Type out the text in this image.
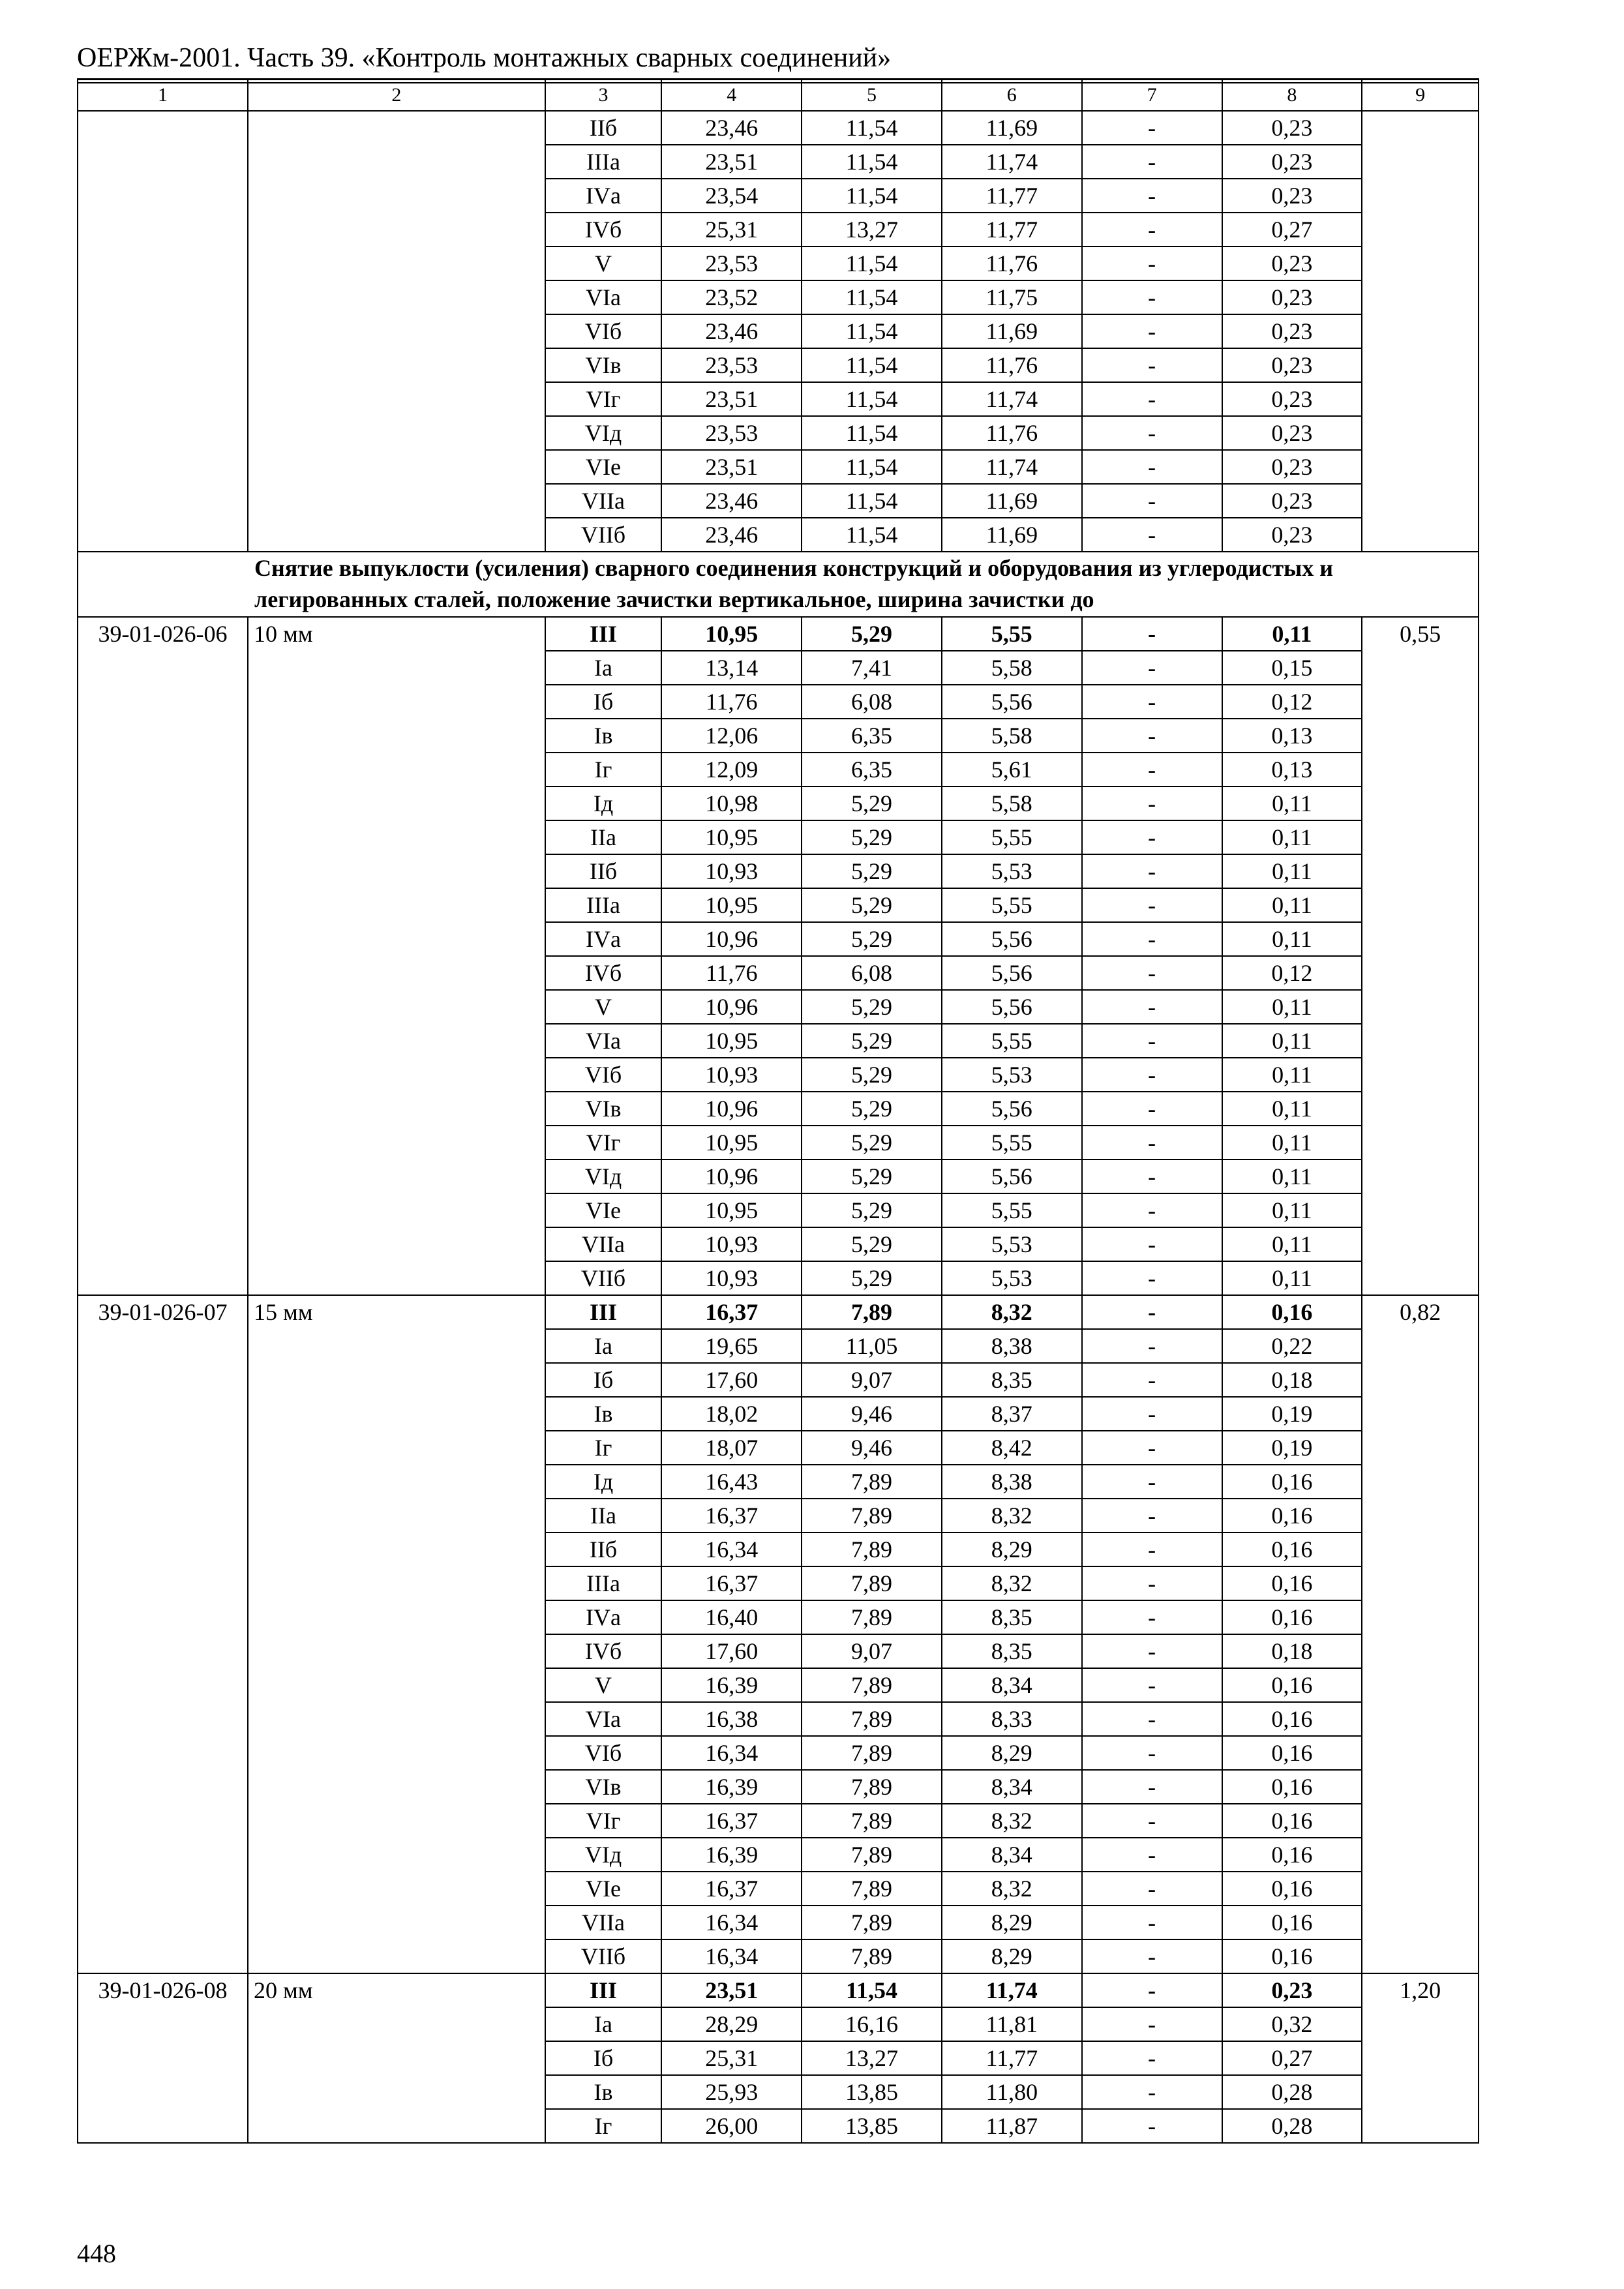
ОЕРЖм-2001. Часть 39. «Контроль монтажных сварных соединений»
1	2	3	4	5	6	7	8	9
		IIб	23,46	11,54	11,69	-	0,23	
		IIIа	23,51	11,54	11,74	-	0,23	
		IVа	23,54	11,54	11,77	-	0,23	
		IVб	25,31	13,27	11,77	-	0,27	
		V	23,53	11,54	11,76	-	0,23	
		VIа	23,52	11,54	11,75	-	0,23	
		VIб	23,46	11,54	11,69	-	0,23	
		VIв	23,53	11,54	11,76	-	0,23	
		VIг	23,51	11,54	11,74	-	0,23	
		VIд	23,53	11,54	11,76	-	0,23	
		VIе	23,51	11,54	11,74	-	0,23	
		VIIа	23,46	11,54	11,69	-	0,23	
		VIIб	23,46	11,54	11,69	-	0,23	
Снятие выпуклости (усиления) сварного соединения конструкций и оборудования из углеродистых и легированных сталей, положение зачистки вертикальное, ширина зачистки до								
39-01-026-06	10 мм	III	10,95	5,29	5,55	-	0,11	0,55
		Iа	13,14	7,41	5,58	-	0,15	
		Iб	11,76	6,08	5,56	-	0,12	
		Iв	12,06	6,35	5,58	-	0,13	
		Iг	12,09	6,35	5,61	-	0,13	
		Iд	10,98	5,29	5,58	-	0,11	
		IIа	10,95	5,29	5,55	-	0,11	
		IIб	10,93	5,29	5,53	-	0,11	
		IIIа	10,95	5,29	5,55	-	0,11	
		IVа	10,96	5,29	5,56	-	0,11	
		IVб	11,76	6,08	5,56	-	0,12	
		V	10,96	5,29	5,56	-	0,11	
		VIа	10,95	5,29	5,55	-	0,11	
		VIб	10,93	5,29	5,53	-	0,11	
		VIв	10,96	5,29	5,56	-	0,11	
		VIг	10,95	5,29	5,55	-	0,11	
		VIд	10,96	5,29	5,56	-	0,11	
		VIе	10,95	5,29	5,55	-	0,11	
		VIIа	10,93	5,29	5,53	-	0,11	
		VIIб	10,93	5,29	5,53	-	0,11	
39-01-026-07	15 мм	III	16,37	7,89	8,32	-	0,16	0,82
		Iа	19,65	11,05	8,38	-	0,22	
		Iб	17,60	9,07	8,35	-	0,18	
		Iв	18,02	9,46	8,37	-	0,19	
		Iг	18,07	9,46	8,42	-	0,19	
		Iд	16,43	7,89	8,38	-	0,16	
		IIа	16,37	7,89	8,32	-	0,16	
		IIб	16,34	7,89	8,29	-	0,16	
		IIIа	16,37	7,89	8,32	-	0,16	
		IVа	16,40	7,89	8,35	-	0,16	
		IVб	17,60	9,07	8,35	-	0,18	
		V	16,39	7,89	8,34	-	0,16	
		VIа	16,38	7,89	8,33	-	0,16	
		VIб	16,34	7,89	8,29	-	0,16	
		VIв	16,39	7,89	8,34	-	0,16	
		VIг	16,37	7,89	8,32	-	0,16	
		VIд	16,39	7,89	8,34	-	0,16	
		VIе	16,37	7,89	8,32	-	0,16	
		VIIа	16,34	7,89	8,29	-	0,16	
		VIIб	16,34	7,89	8,29	-	0,16	
39-01-026-08	20 мм	III	23,51	11,54	11,74	-	0,23	1,20
		Iа	28,29	16,16	11,81	-	0,32	
		Iб	25,31	13,27	11,77	-	0,27	
		Iв	25,93	13,85	11,80	-	0,28	
		Iг	26,00	13,85	11,87	-	0,28	
448
